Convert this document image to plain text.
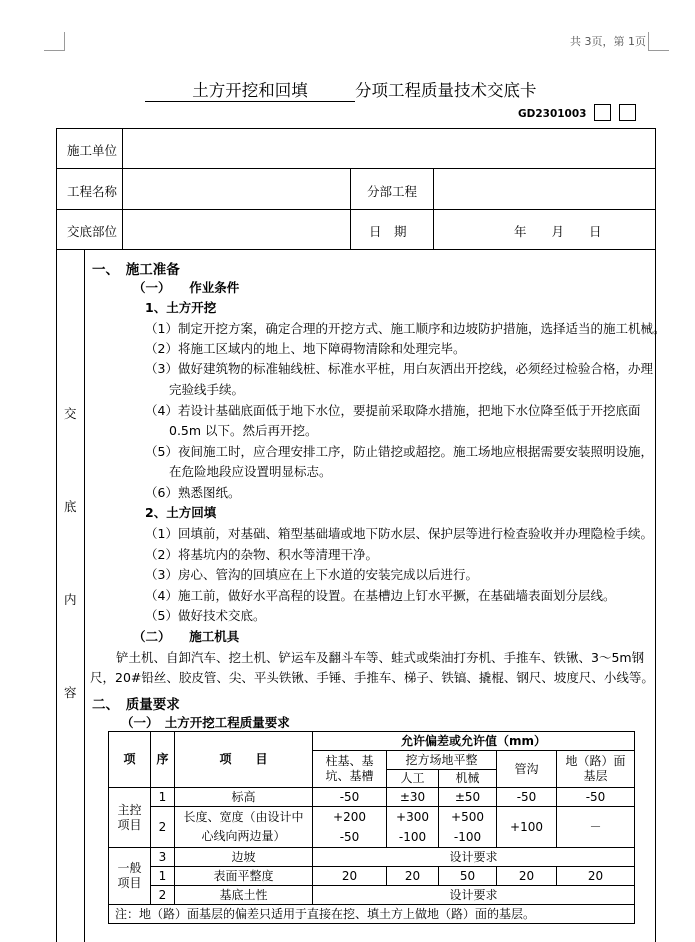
共 3页，第 1页
土方开挖和回填	分项工程质量技术交底卡
GD2301003
施工单位
工程名称	分部工程
交底部位	日　期	年　　月　　日
交
底
内
容
一、　施工准备
（一）　　作业条件
1、土方开挖
（1）制定开挖方案，确定合理的开挖方式、施工顺序和边坡防护措施，选择适当的施工机械。
（2）将施工区域内的地上、地下障碍物清除和处理完毕。
（3）做好建筑物的标准轴线桩、标准水平桩，用白灰洒出开挖线，必须经过检验合格，办理
完验线手续。
（4）若设计基础底面低于地下水位，要提前采取降水措施，把地下水位降至低于开挖底面
0.5m 以下。然后再开挖。
（5）夜间施工时，应合理安排工序，防止错挖或超挖。施工场地应根据需要安装照明设施，
在危险地段应设置明显标志。
（6）熟悉图纸。
2、土方回填
（1）回填前，对基础、箱型基础墙或地下防水层、保护层等进行检查验收并办理隐检手续。
（2）将基坑内的杂物、积水等清理干净。
（3）房心、管沟的回填应在上下水道的安装完成以后进行。
（4）施工前，做好水平高程的设置。在基槽边上钉水平撅，在基础墙表面划分层线。
（5）做好技术交底。
（二）　　施工机具
铲土机、自卸汽车、挖土机、铲运车及翻斗车等、蛙式或柴油打夯机、手推车、铁锹、3～5m钢
尺，20#铅丝、胶皮管、尖、平头铁锹、手锤、手推车、梯子、铁镐、撬棍、钢尺、坡度尺、小线等。
二、　质量要求
（一）　土方开挖工程质量要求
项	序	项　　目	允许偏差或允许值（mm）				
			柱基、基坑、基槽	挖方场地平整		管沟	地（路）面基层
				人工	机械		
主控项目	1	标高	-50	±30	±50	-50	-50
	2	长度、宽度（由设计中心线向两边量）	+200
-50	+300
-100	+500
-100	+100	－
一般项目	3	边坡	设计要求				
	1	表面平整度	20	20	50	20	20
	2	基底土性	设计要求				
注：地（路）面基层的偏差只适用于直接在挖、填土方上做地（路）面的基层。							
